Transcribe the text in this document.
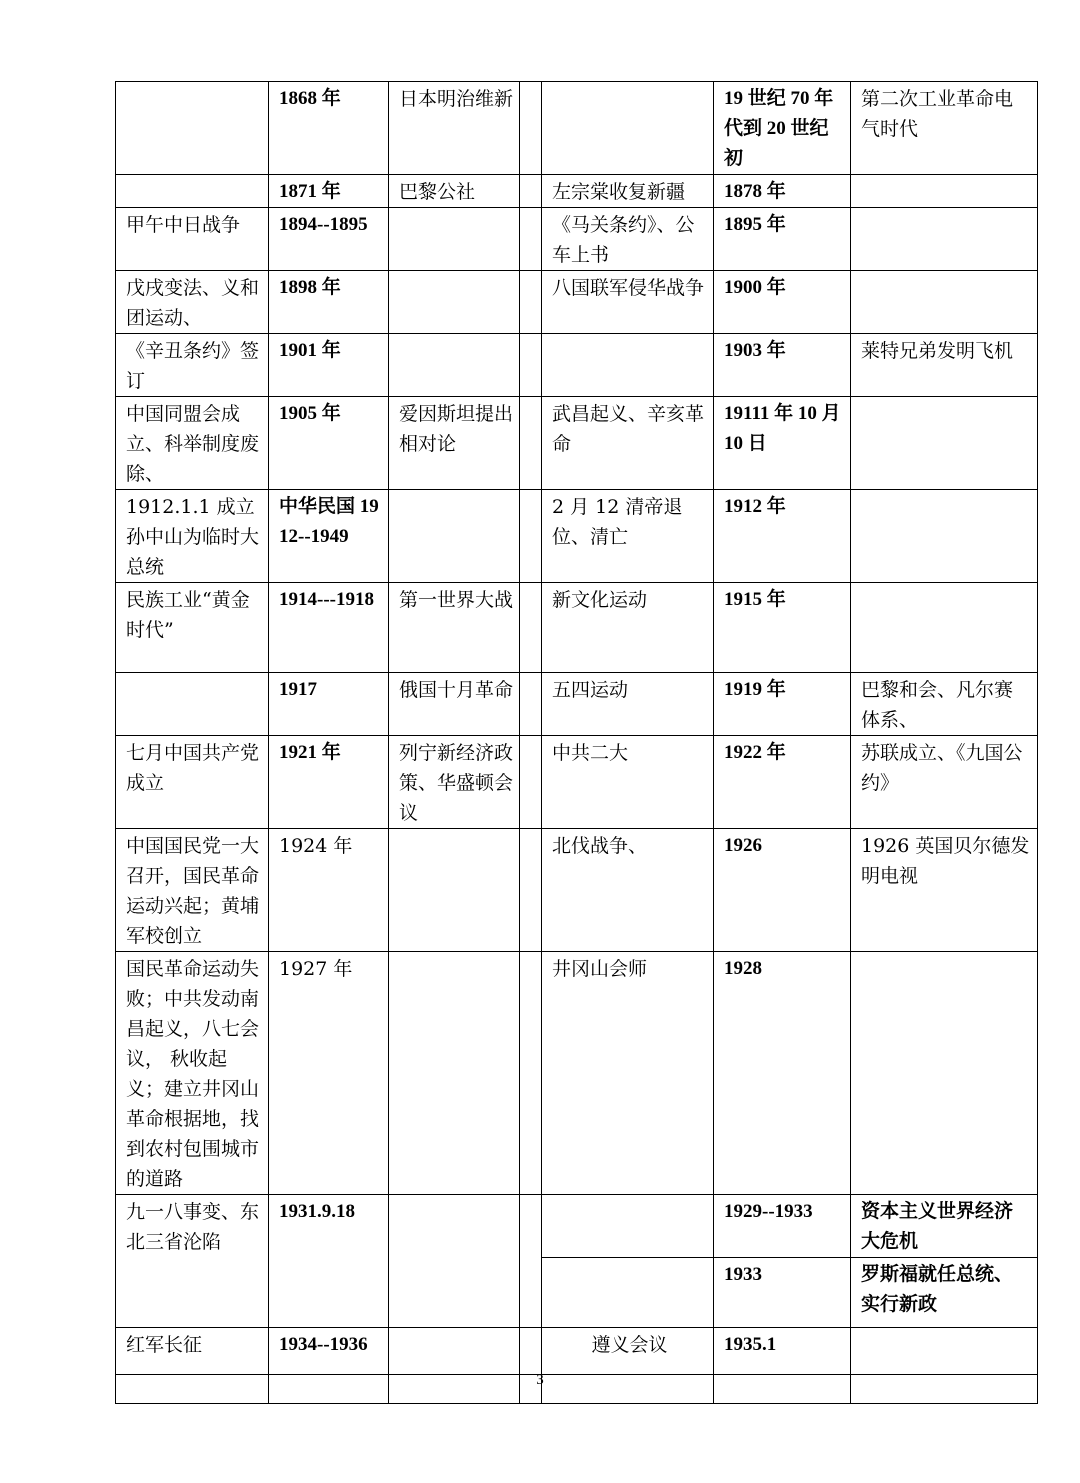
	1868 年	日本明治维新			19 世纪 70 年代到 20 世纪初	第二次工业革命电气时代
	1871 年	巴黎公社		左宗棠收复新疆	1878 年	
甲午中日战争	1894--1895			《马关条约》、公车上书	1895 年	
戊戌变法、义和团运动、	1898 年			八国联军侵华战争	1900 年	
《辛丑条约》签订	1901 年				1903 年	莱特兄弟发明飞机
中国同盟会成立、科举制度废除、	1905 年	爱因斯坦提出相对论		武昌起义、辛亥革命	19111 年 10 月 10 日	
1912.1.1 成立孙中山为临时大总统	中华民国 1912--1949			2 月 12 清帝退位、清亡	1912 年	
民族工业“黄金时代”	1914---1918	第一世界大战		新文化运动	1915 年	
	1917	俄国十月革命		五四运动	1919 年	巴黎和会、凡尔赛体系、
七月中国共产党成立	1921 年	列宁新经济政策、华盛顿会议		中共二大	1922 年	苏联成立、《九国公约》
中国国民党一大召开，国民革命运动兴起；黄埔军校创立	1924 年			北伐战争、	1926	1926 英国贝尔德发明电视
国民革命运动失败；中共发动南昌起义，八七会议， 秋收起义；建立井冈山革命根据地，找到农村包围城市的道路	1927 年			井冈山会师	1928	
九一八事变、东北三省沦陷	1931.9.18				1929--1933	资本主义世界经济大危机
					1933	罗斯福就任总统、实行新政
红军长征	1934--1936			遵义会议	1935.1	

3
